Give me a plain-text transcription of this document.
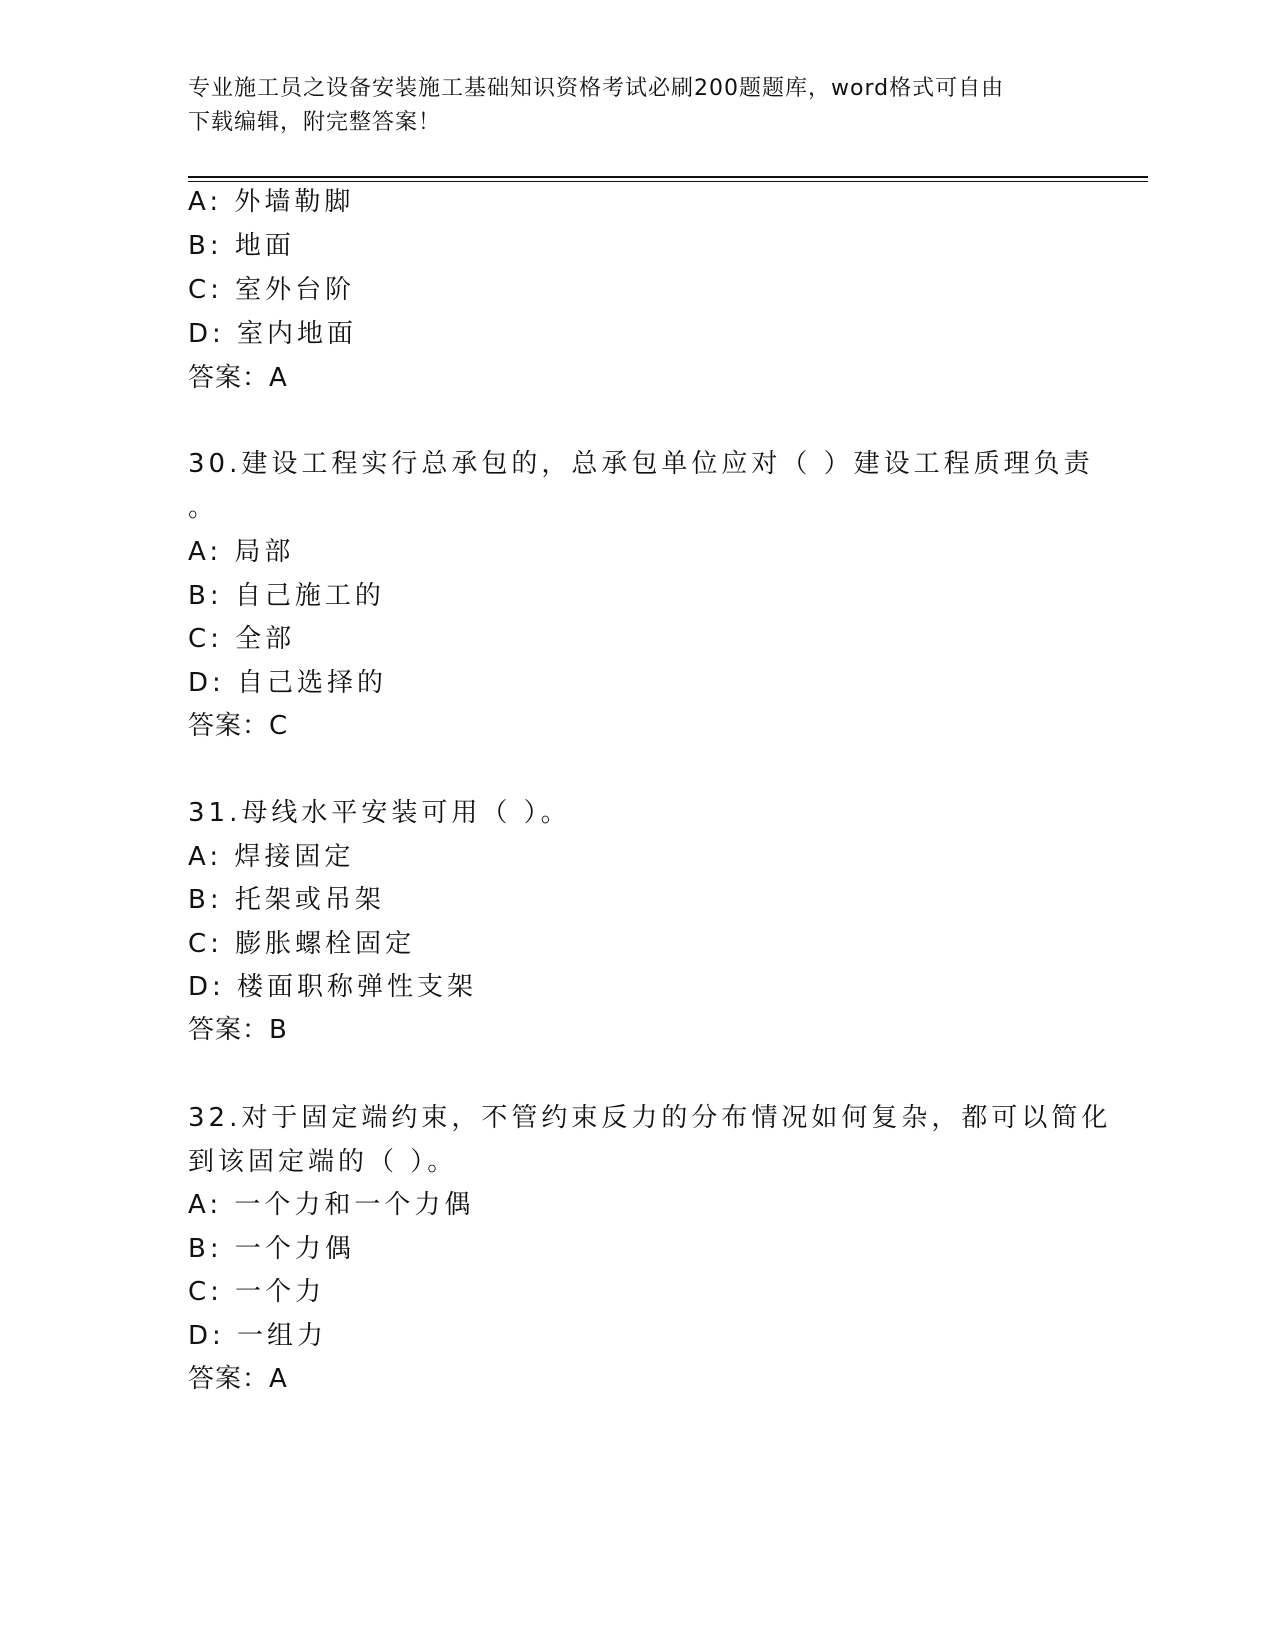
专业施工员之设备安装施工基础知识资格考试必刷200题题库，word格式可自由
下载编辑，附完整答案！
A: 外墙勒脚
B: 地面
C: 室外台阶
D: 室内地面
答案：A
30.建设工程实行总承包的，总承包单位应对（ ）建设工程质理负责
。
A: 局部
B: 自己施工的
C: 全部
D: 自己选择的
答案：C
31.母线水平安装可用（ ）。
A: 焊接固定
B: 托架或吊架
C: 膨胀螺栓固定
D: 楼面职称弹性支架
答案：B
32.对于固定端约束，不管约束反力的分布情况如何复杂，都可以简化
到该固定端的（ ）。
A: 一个力和一个力偶
B: 一个力偶
C: 一个力
D: 一组力
答案：A
